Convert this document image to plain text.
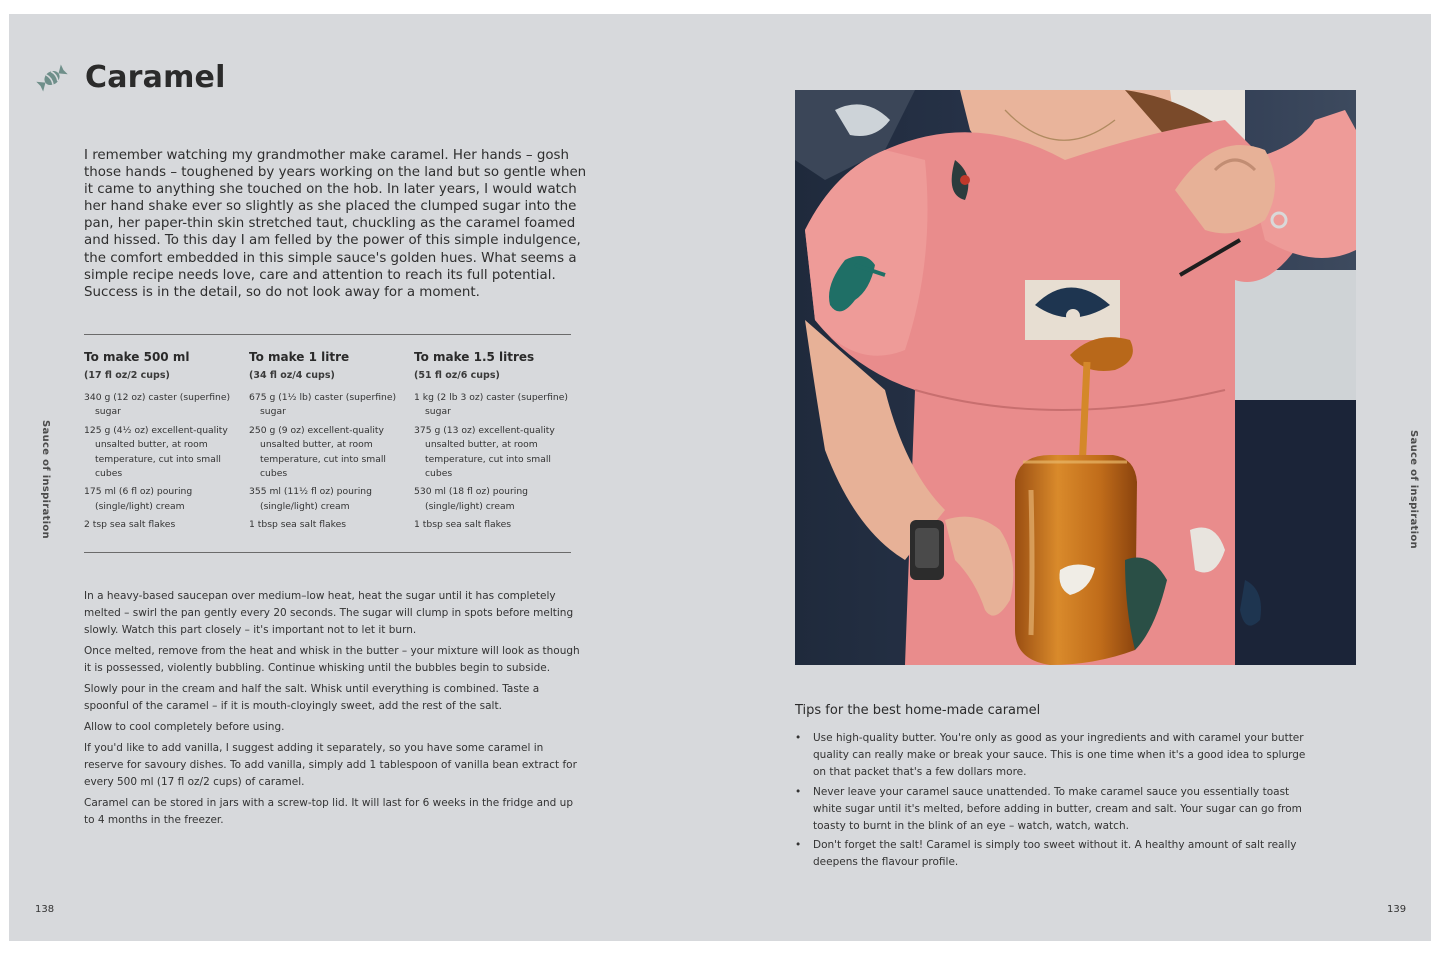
Caramel
I remember watching my grandmother make caramel. Her hands – gosh those hands – toughened by years working on the land but so gentle when it came to anything she touched on the hob. In later years, I would watch her hand shake ever so slightly as she placed the clumped sugar into the pan, her paper-thin skin stretched taut, chuckling as the caramel foamed and hissed. To this day I am felled by the power of this simple indulgence, the comfort embedded in this simple sauce's golden hues. What seems a simple recipe needs love, care and attention to reach its full potential. Success is in the detail, so do not look away for a moment.
To make 500 ml
(17 fl oz/2 cups)
340 g (12 oz) caster (superfine) sugar
125 g (4½ oz) excellent-quality unsalted butter, at room temperature, cut into small cubes
175 ml (6 fl oz) pouring (single/light) cream
2 tsp sea salt flakes
To make 1 litre
(34 fl oz/4 cups)
675 g (1½ lb) caster (superfine) sugar
250 g (9 oz) excellent-quality unsalted butter, at room temperature, cut into small cubes
355 ml (11½ fl oz) pouring (single/light) cream
1 tbsp sea salt flakes
To make 1.5 litres
(51 fl oz/6 cups)
1 kg (2 lb 3 oz) caster (superfine) sugar
375 g (13 oz) excellent-quality unsalted butter, at room temperature, cut into small cubes
530 ml (18 fl oz) pouring (single/light) cream
1 tbsp sea salt flakes

In a heavy-based saucepan over medium–low heat, heat the sugar until it has completely melted – swirl the pan gently every 20 seconds. The sugar will clump in spots before melting slowly. Watch this part closely – it's important not to let it burn.

Once melted, remove from the heat and whisk in the butter – your mixture will look as though it is possessed, violently bubbling. Continue whisking until the bubbles begin to subside.

Slowly pour in the cream and half the salt. Whisk until everything is combined. Taste a spoonful of the caramel – if it is mouth-cloyingly sweet, add the rest of the salt.

Allow to cool completely before using.

If you'd like to add vanilla, I suggest adding it separately, so you have some caramel in reserve for savoury dishes. To add vanilla, simply add 1 tablespoon of vanilla bean extract for every 500 ml (17 fl oz/2 cups) of caramel.

Caramel can be stored in jars with a screw-top lid. It will last for 6 weeks in the fridge and up to 4 months in the freezer.

Sauce of inspiration
138
Tips for the best home-made caramel
• Use high-quality butter. You're only as good as your ingredients and with caramel your butter quality can really make or break your sauce. This is one time when it's a good idea to splurge on that packet that's a few dollars more.
• Never leave your caramel sauce unattended. To make caramel sauce you essentially toast white sugar until it's melted, before adding in butter, cream and salt. Your sugar can go from toasty to burnt in the blink of an eye – watch, watch, watch.
• Don't forget the salt! Caramel is simply too sweet without it. A healthy amount of salt really deepens the flavour profile.
Sauce of inspiration
139
